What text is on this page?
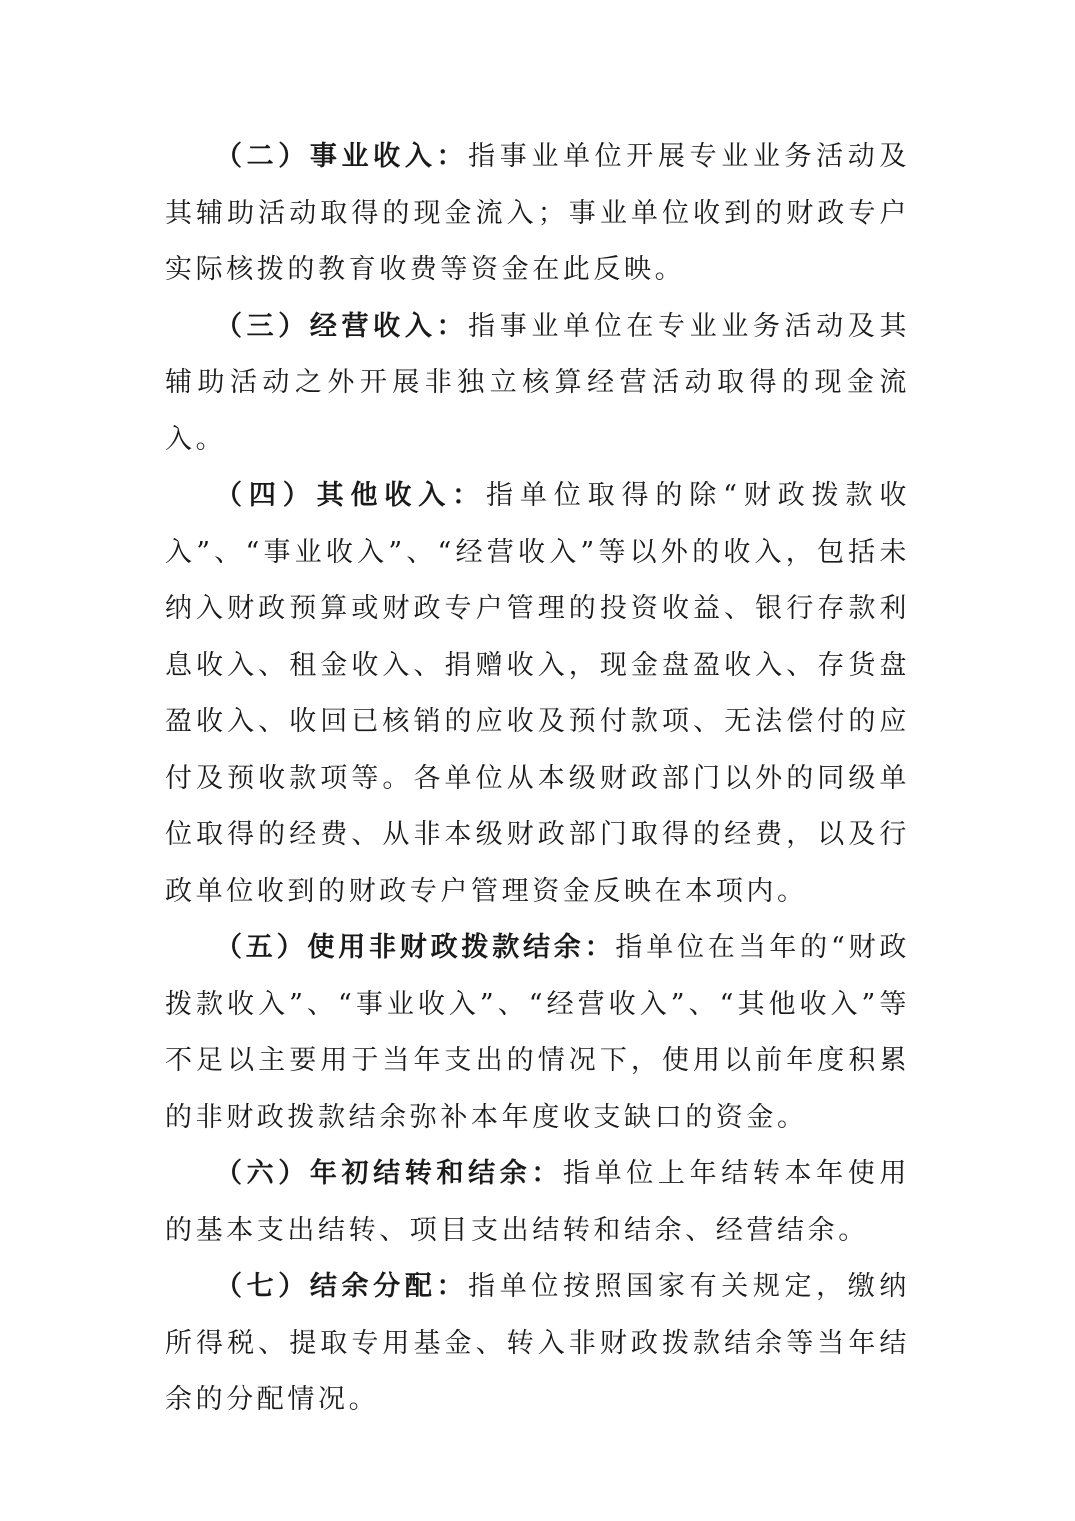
（二）事业收入：指事业单位开展专业业务活动及其辅助活动取得的现金流入；事业单位收到的财政专户实际核拨的教育收费等资金在此反映。

（三）经营收入：指事业单位在专业业务活动及其辅助活动之外开展非独立核算经营活动取得的现金流入。

（四）其他收入：指单位取得的除“财政拨款收入”、“事业收入”、“经营收入”等以外的收入，包括未纳入财政预算或财政专户管理的投资收益、银行存款利息收入、租金收入、捐赠收入，现金盘盈收入、存货盘盈收入、收回已核销的应收及预付款项、无法偿付的应付及预收款项等。各单位从本级财政部门以外的同级单位取得的经费、从非本级财政部门取得的经费，以及行政单位收到的财政专户管理资金反映在本项内。

（五）使用非财政拨款结余：指单位在当年的“财政拨款收入”、“事业收入”、“经营收入”、“其他收入”等不足以主要用于当年支出的情况下，使用以前年度积累的非财政拨款结余弥补本年度收支缺口的资金。

（六）年初结转和结余：指单位上年结转本年使用的基本支出结转、项目支出结转和结余、经营结余。

（七）结余分配：指单位按照国家有关规定，缴纳所得税、提取专用基金、转入非财政拨款结余等当年结余的分配情况。
